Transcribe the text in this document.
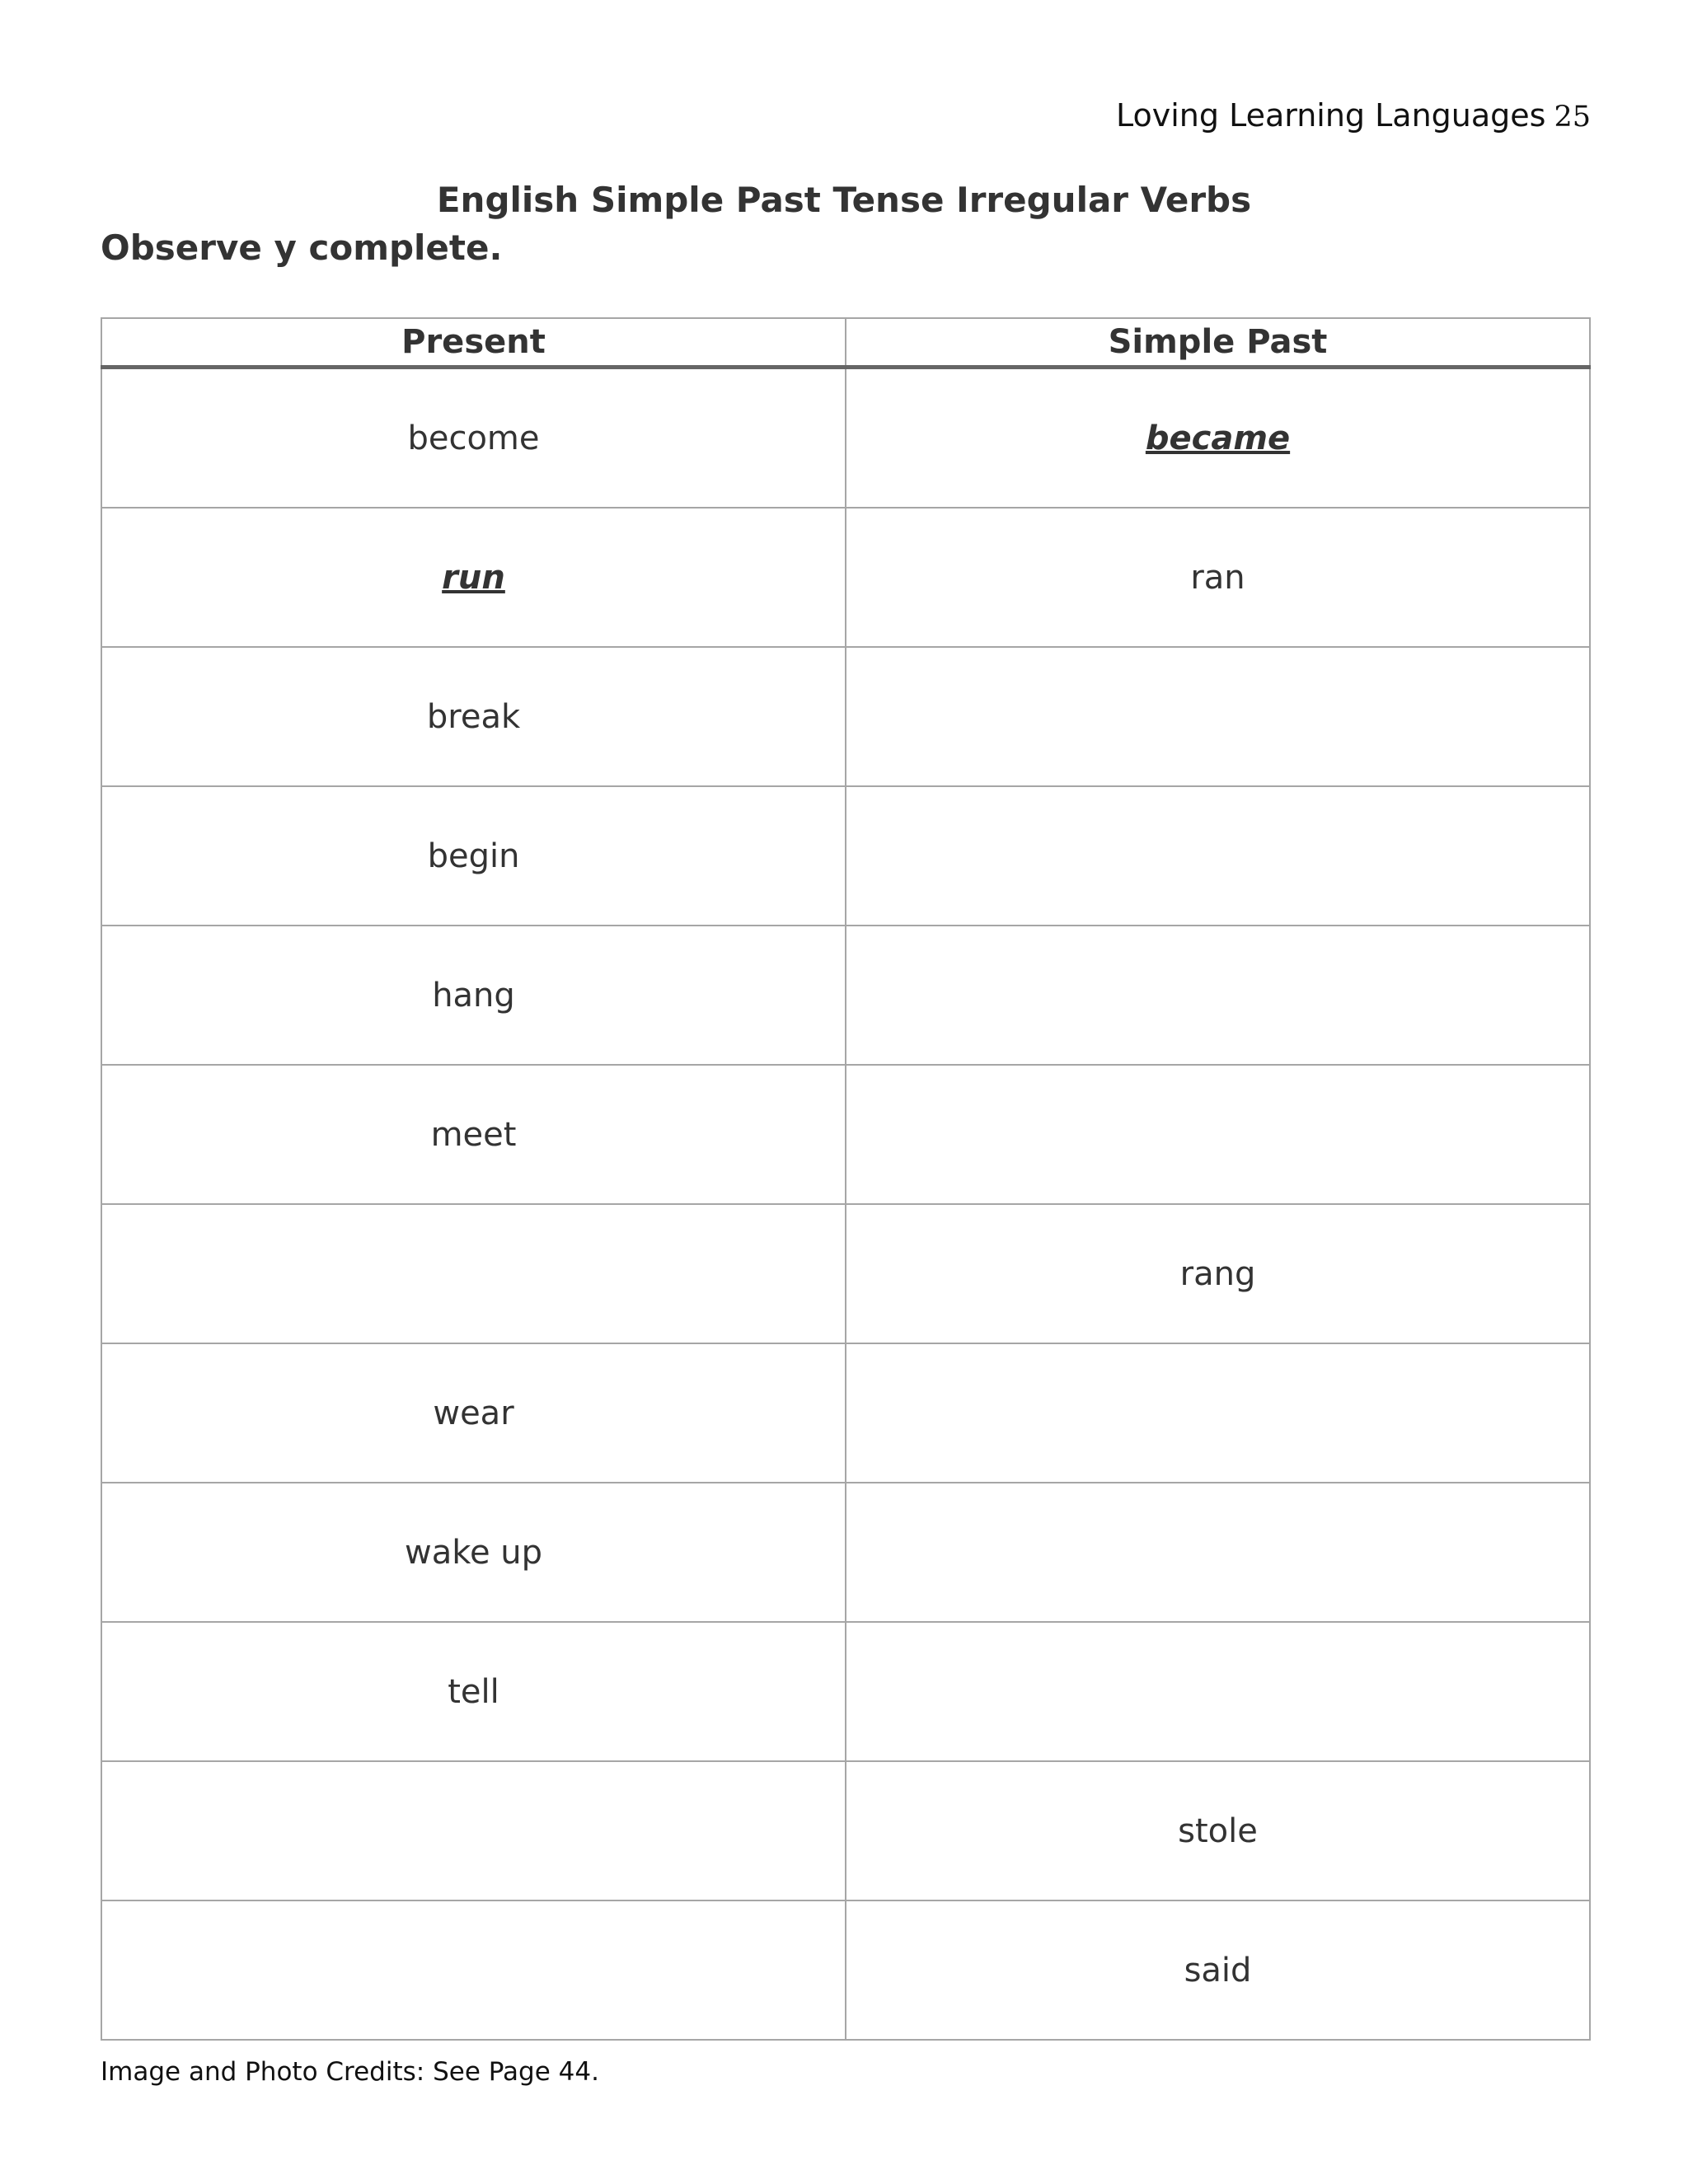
Loving Learning Languages 25
English Simple Past Tense Irregular Verbs
Observe y complete.
Present	Simple Past
become	became
run	ran
break	
begin	
hang	
meet	
	rang
wear	
wake up	
tell	
	stole
	said
Image and Photo Credits: See Page 44.
